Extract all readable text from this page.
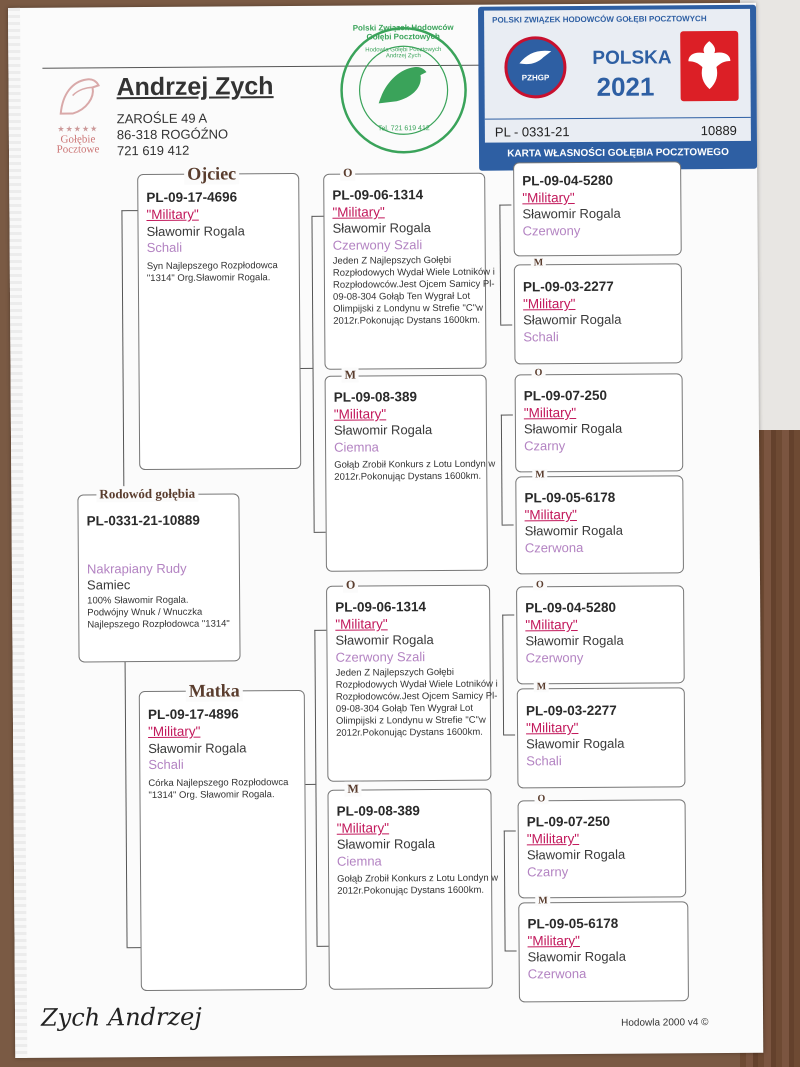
★★★★★
Gołębie
Pocztowe
Andrzej Zych
ZAROŚLE 49 A
86-318 ROGÓŹNO
721 619 412
Polski Związek Hodowców Gołębi Pocztowych
Hodowla Gołębi Pocztowych Andrzej Zych
Tel. 721 619 412
POLSKI ZWIĄZEK HODOWCÓW GOŁĘBI POCZTOWYCH
PZHGP
POLSKA
2021
PL - 0331-21	10889
KARTA WŁASNOŚCI GOŁĘBIA POCZTOWEGO
Rodowód gołębia
PL-0331-21-10889
Nakrapiany Rudy
Samiec
100% Sławomir Rogala. Podwójny Wnuk / Wnuczka Najlepszego Rozpłodowca "1314"
Ojciec
PL-09-17-4696
"Military"
Sławomir Rogala
Schali
Syn Najlepszego Rozpłodowca "1314" Org.Sławomir Rogala.
Matka
PL-09-17-4896
"Military"
Sławomir Rogala
Schali
Córka Najlepszego Rozpłodowca "1314" Org. Sławomir Rogala.
O
PL-09-06-1314
"Military"
Sławomir Rogala
Czerwony Szali
Jeden Z Najlepszych Gołębi Rozpłodowych Wydał Wiele Lotników i Rozpłodowców.Jest Ojcem Samicy Pl-09-08-304 Gołąb Ten Wygrał Lot Olimpijski z Londynu w Strefie "C"w 2012r.Pokonując Dystans 1600km.
M
PL-09-08-389
"Military"
Sławomir Rogala
Ciemna
Gołąb Zrobił Konkurs z Lotu Londyn w 2012r.Pokonując Dystans 1600km.
O
PL-09-06-1314
"Military"
Sławomir Rogala
Czerwony Szali
Jeden Z Najlepszych Gołębi Rozpłodowych Wydał Wiele Lotników i Rozpłodowców.Jest Ojcem Samicy Pl-09-08-304 Gołąb Ten Wygrał Lot Olimpijski z Londynu w Strefie "C"w 2012r.Pokonując Dystans 1600km.
M
PL-09-08-389
"Military"
Sławomir Rogala
Ciemna
Gołąb Zrobił Konkurs z Lotu Londyn w 2012r.Pokonując Dystans 1600km.
PL-09-04-5280
"Military"
Sławomir Rogala
Czerwony
M
PL-09-03-2277
"Military"
Sławomir Rogala
Schali
O
PL-09-07-250
"Military"
Sławomir Rogala
Czarny
M
PL-09-05-6178
"Military"
Sławomir Rogala
Czerwona
O
PL-09-04-5280
"Military"
Sławomir Rogala
Czerwony
M
PL-09-03-2277
"Military"
Sławomir Rogala
Schali
O
PL-09-07-250
"Military"
Sławomir Rogala
Czarny
M
PL-09-05-6178
"Military"
Sławomir Rogala
Czerwona
Zych Andrzej	Hodowla 2000 v4 ©
